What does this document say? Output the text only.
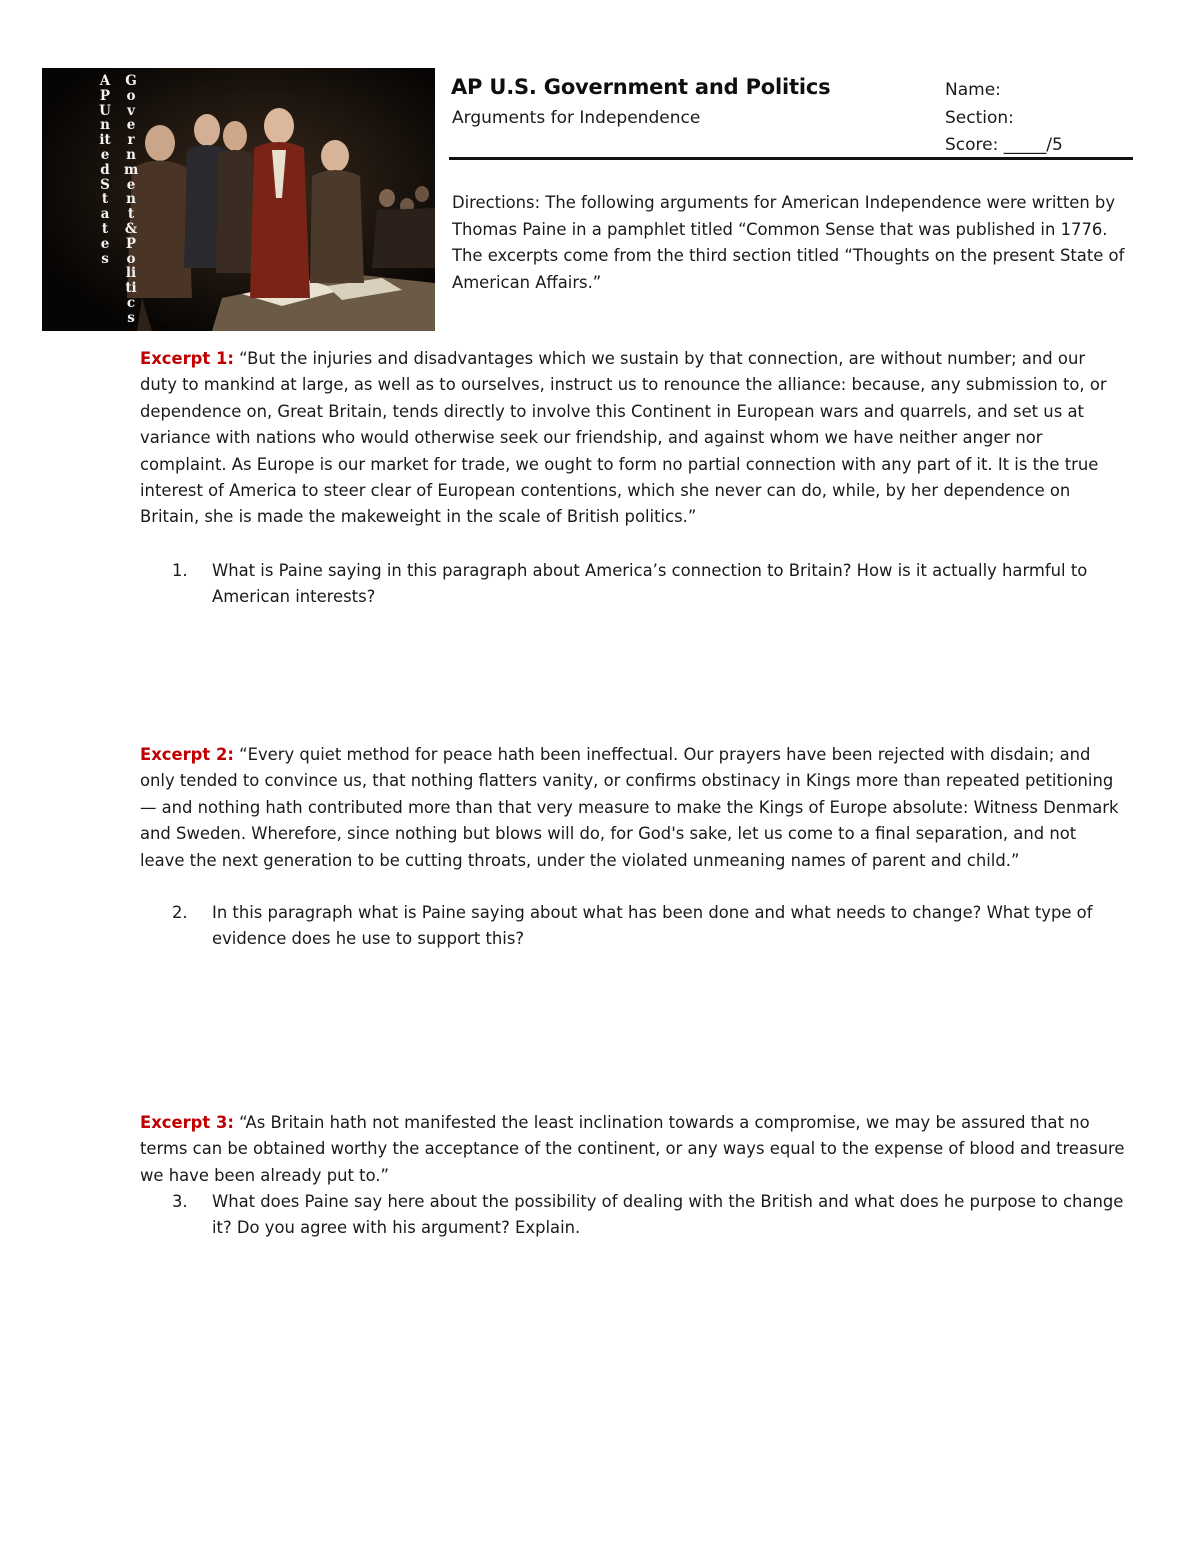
AP United States
Government & Politics
AP U.S. Government and Politics
Arguments for Independence
Name:
Section:
Score: _____/5
Directions: The following arguments for American Independence were written by Thomas Paine in a pamphlet titled “Common Sense that was published in 1776. The excerpts come from the third section titled “Thoughts on the present State of American Affairs.”
Excerpt 1: “But the injuries and disadvantages which we sustain by that connection, are without number; and our duty to mankind at large, as well as to ourselves, instruct us to renounce the alliance: because, any submission to, or dependence on, Great Britain, tends directly to involve this Continent in European wars and quarrels, and set us at variance with nations who would otherwise seek our friendship, and against whom we have neither anger nor complaint. As Europe is our market for trade, we ought to form no partial connection with any part of it. It is the true interest of America to steer clear of European contentions, which she never can do, while, by her dependence on Britain, she is made the makeweight in the scale of British politics.”
1. What is Paine saying in this paragraph about America’s connection to Britain? How is it actually harmful to American interests?
Excerpt 2: “Every quiet method for peace hath been ineffectual. Our prayers have been rejected with disdain; and only tended to convince us, that nothing flatters vanity, or confirms obstinacy in Kings more than repeated petitioning — and nothing hath contributed more than that very measure to make the Kings of Europe absolute: Witness Denmark and Sweden. Wherefore, since nothing but blows will do, for God's sake, let us come to a final separation, and not leave the next generation to be cutting throats, under the violated unmeaning names of parent and child.”
2. In this paragraph what is Paine saying about what has been done and what needs to change? What type of evidence does he use to support this?
Excerpt 3: “As Britain hath not manifested the least inclination towards a compromise, we may be assured that no terms can be obtained worthy the acceptance of the continent, or any ways equal to the expense of blood and treasure we have been already put to.”
3. What does Paine say here about the possibility of dealing with the British and what does he purpose to change it? Do you agree with his argument? Explain.
